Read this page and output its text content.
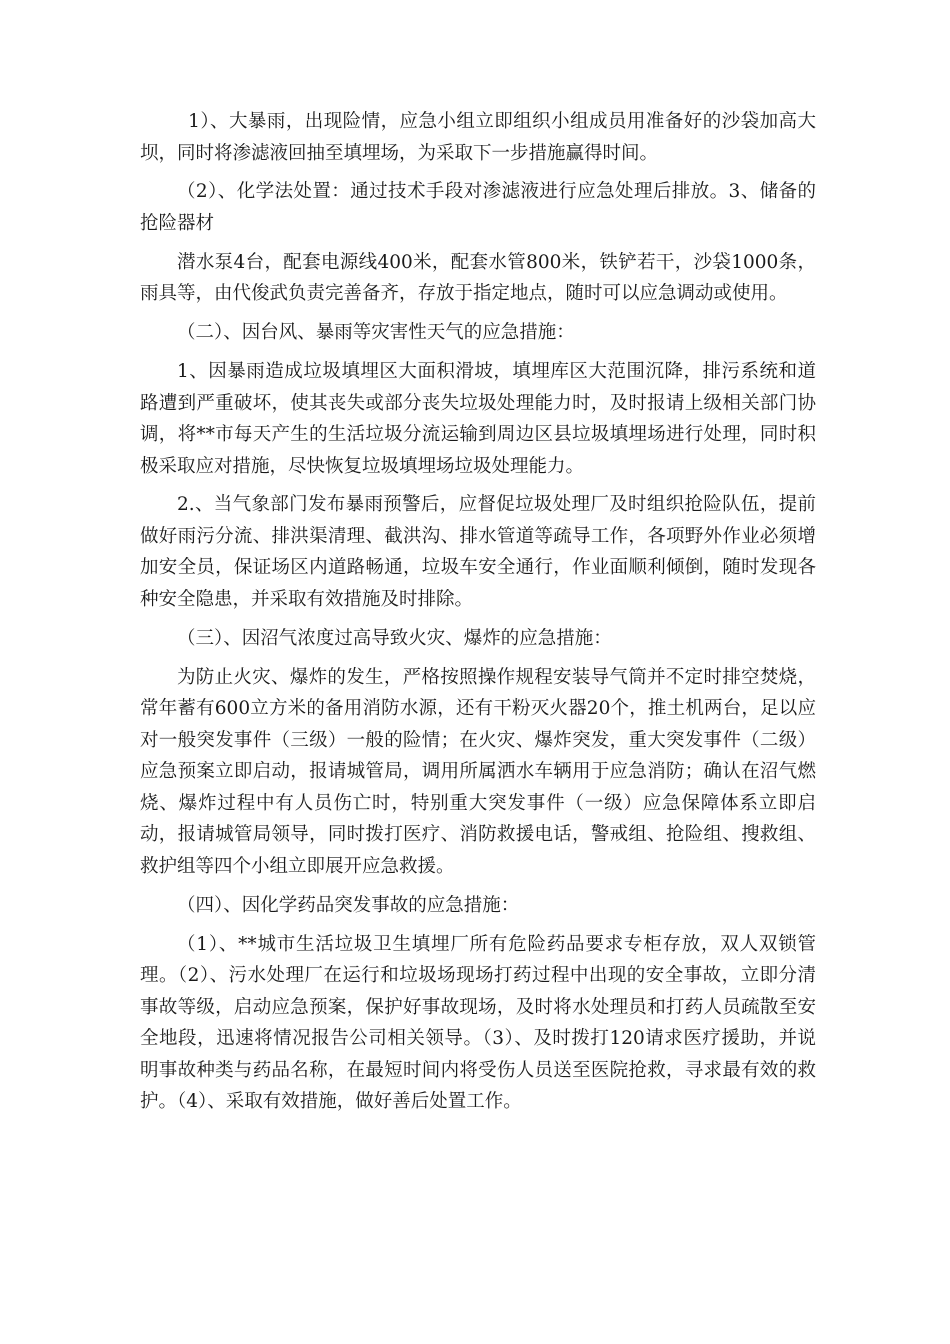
1）、大暴雨，出现险情，应急小组立即组织小组成员用准备好的沙袋加高大坝，同时将渗滤液回抽至填埋场，为采取下一步措施赢得时间。

（2）、化学法处置：通过技术手段对渗滤液进行应急处理后排放。3、储备的抢险器材

潜水泵4台，配套电源线400米，配套水管800米，铁铲若干，沙袋1000条，雨具等，由代俊武负责完善备齐，存放于指定地点，随时可以应急调动或使用。

（二）、因台风、暴雨等灾害性天气的应急措施：

1、因暴雨造成垃圾填埋区大面积滑坡，填埋库区大范围沉降，排污系统和道路遭到严重破坏，使其丧失或部分丧失垃圾处理能力时，及时报请上级相关部门协调，将**市每天产生的生活垃圾分流运输到周边区县垃圾填埋场进行处理，同时积极采取应对措施，尽快恢复垃圾填埋场垃圾处理能力。

2.、当气象部门发布暴雨预警后，应督促垃圾处理厂及时组织抢险队伍，提前做好雨污分流、排洪渠清理、截洪沟、排水管道等疏导工作，各项野外作业必须增加安全员，保证场区内道路畅通，垃圾车安全通行，作业面顺利倾倒，随时发现各种安全隐患，并采取有效措施及时排除。

（三）、因沼气浓度过高导致火灾、爆炸的应急措施：

为防止火灾、爆炸的发生，严格按照操作规程安装导气筒并不定时排空焚烧，常年蓄有600立方米的备用消防水源，还有干粉灭火器20个，推土机两台，足以应对一般突发事件（三级）一般的险情；在火灾、爆炸突发，重大突发事件（二级）应急预案立即启动，报请城管局，调用所属洒水车辆用于应急消防；确认在沼气燃烧、爆炸过程中有人员伤亡时，特别重大突发事件（一级）应急保障体系立即启动，报请城管局领导，同时拨打医疗、消防救援电话，警戒组、抢险组、搜救组、救护组等四个小组立即展开应急救援。

（四）、因化学药品突发事故的应急措施：

（1）、**城市生活垃圾卫生填埋厂所有危险药品要求专柜存放，双人双锁管理。（2）、污水处理厂在运行和垃圾场现场打药过程中出现的安全事故，立即分清事故等级，启动应急预案，保护好事故现场，及时将水处理员和打药人员疏散至安全地段，迅速将情况报告公司相关领导。（3）、及时拨打120请求医疗援助，并说明事故种类与药品名称，在最短时间内将受伤人员送至医院抢救，寻求最有效的救护。（4）、采取有效措施，做好善后处置工作。
